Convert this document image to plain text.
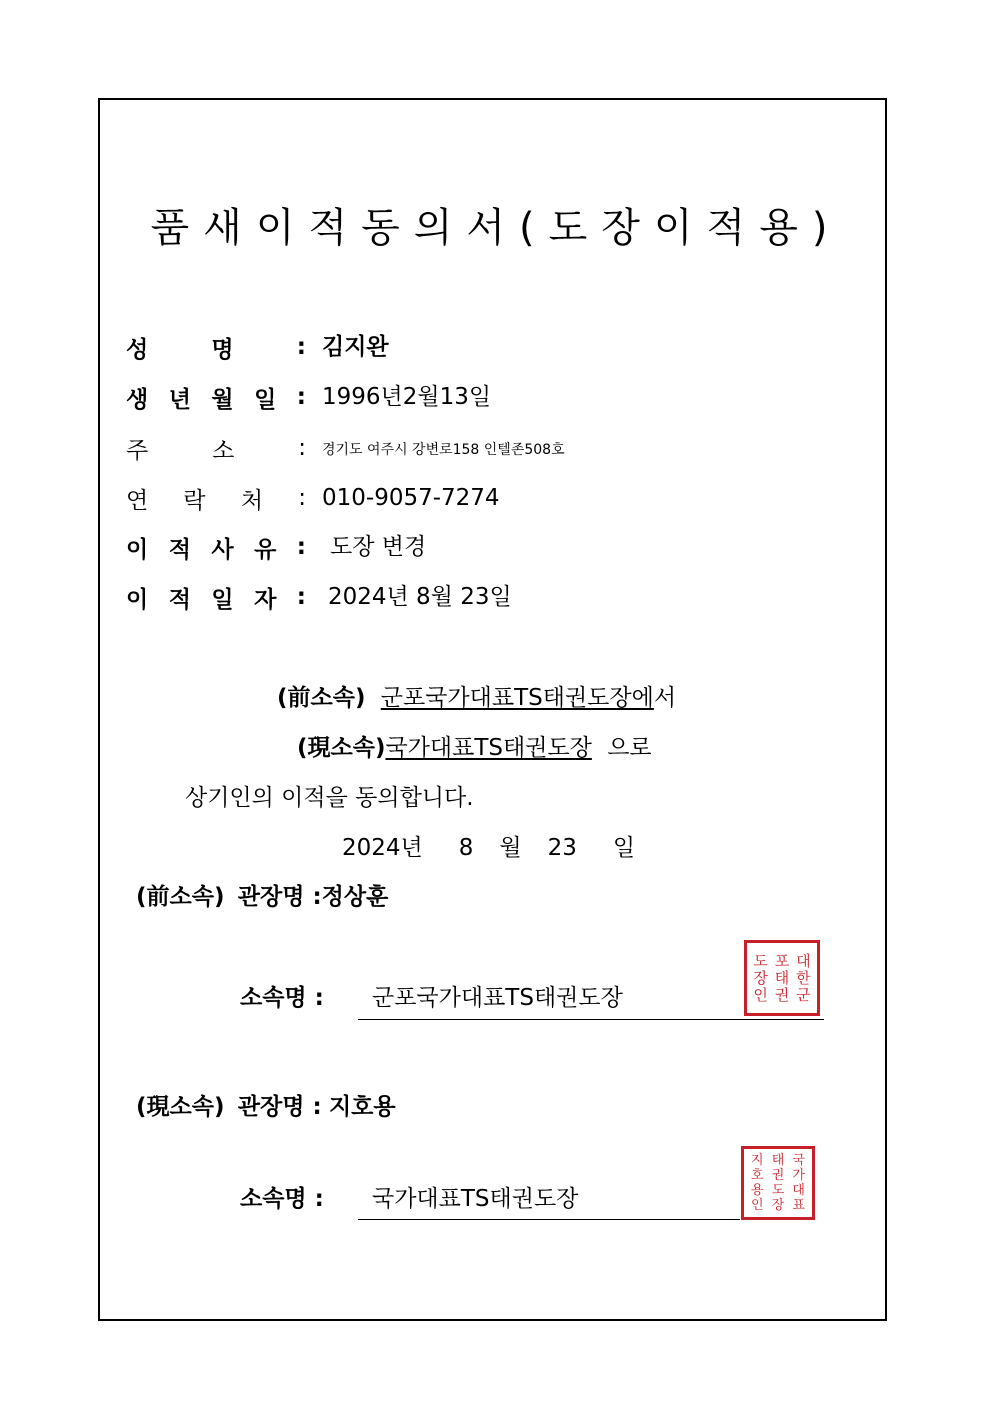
품새이적동의서(도장이적용)
성	명	: 김지완
생 년 월 일 : 1996년2월13일
주	소	: 경기도 여주시 강변로158 인텔존508호
연 락 처 : 010-9057-7274
이 적 사 유 : 도장 변경
이 적 일 자 : 2024년 8월 23일
(前소속) 군포국가대표TS태권도장에서
(現소속)국가대표TS태권도장 으로
상기인의 이적을 동의합니다.
2024년 8 월 23 일
(前소속) 관장명 :정상훈
소속명 : 군포국가대표TS태권도장
대
한
군
포
태
권
도
장
인
(現소속) 관장명 : 지호용
소속명 : 국가대표TS태권도장
국
가
대
표
태
권
도
장
지
호
용
인
